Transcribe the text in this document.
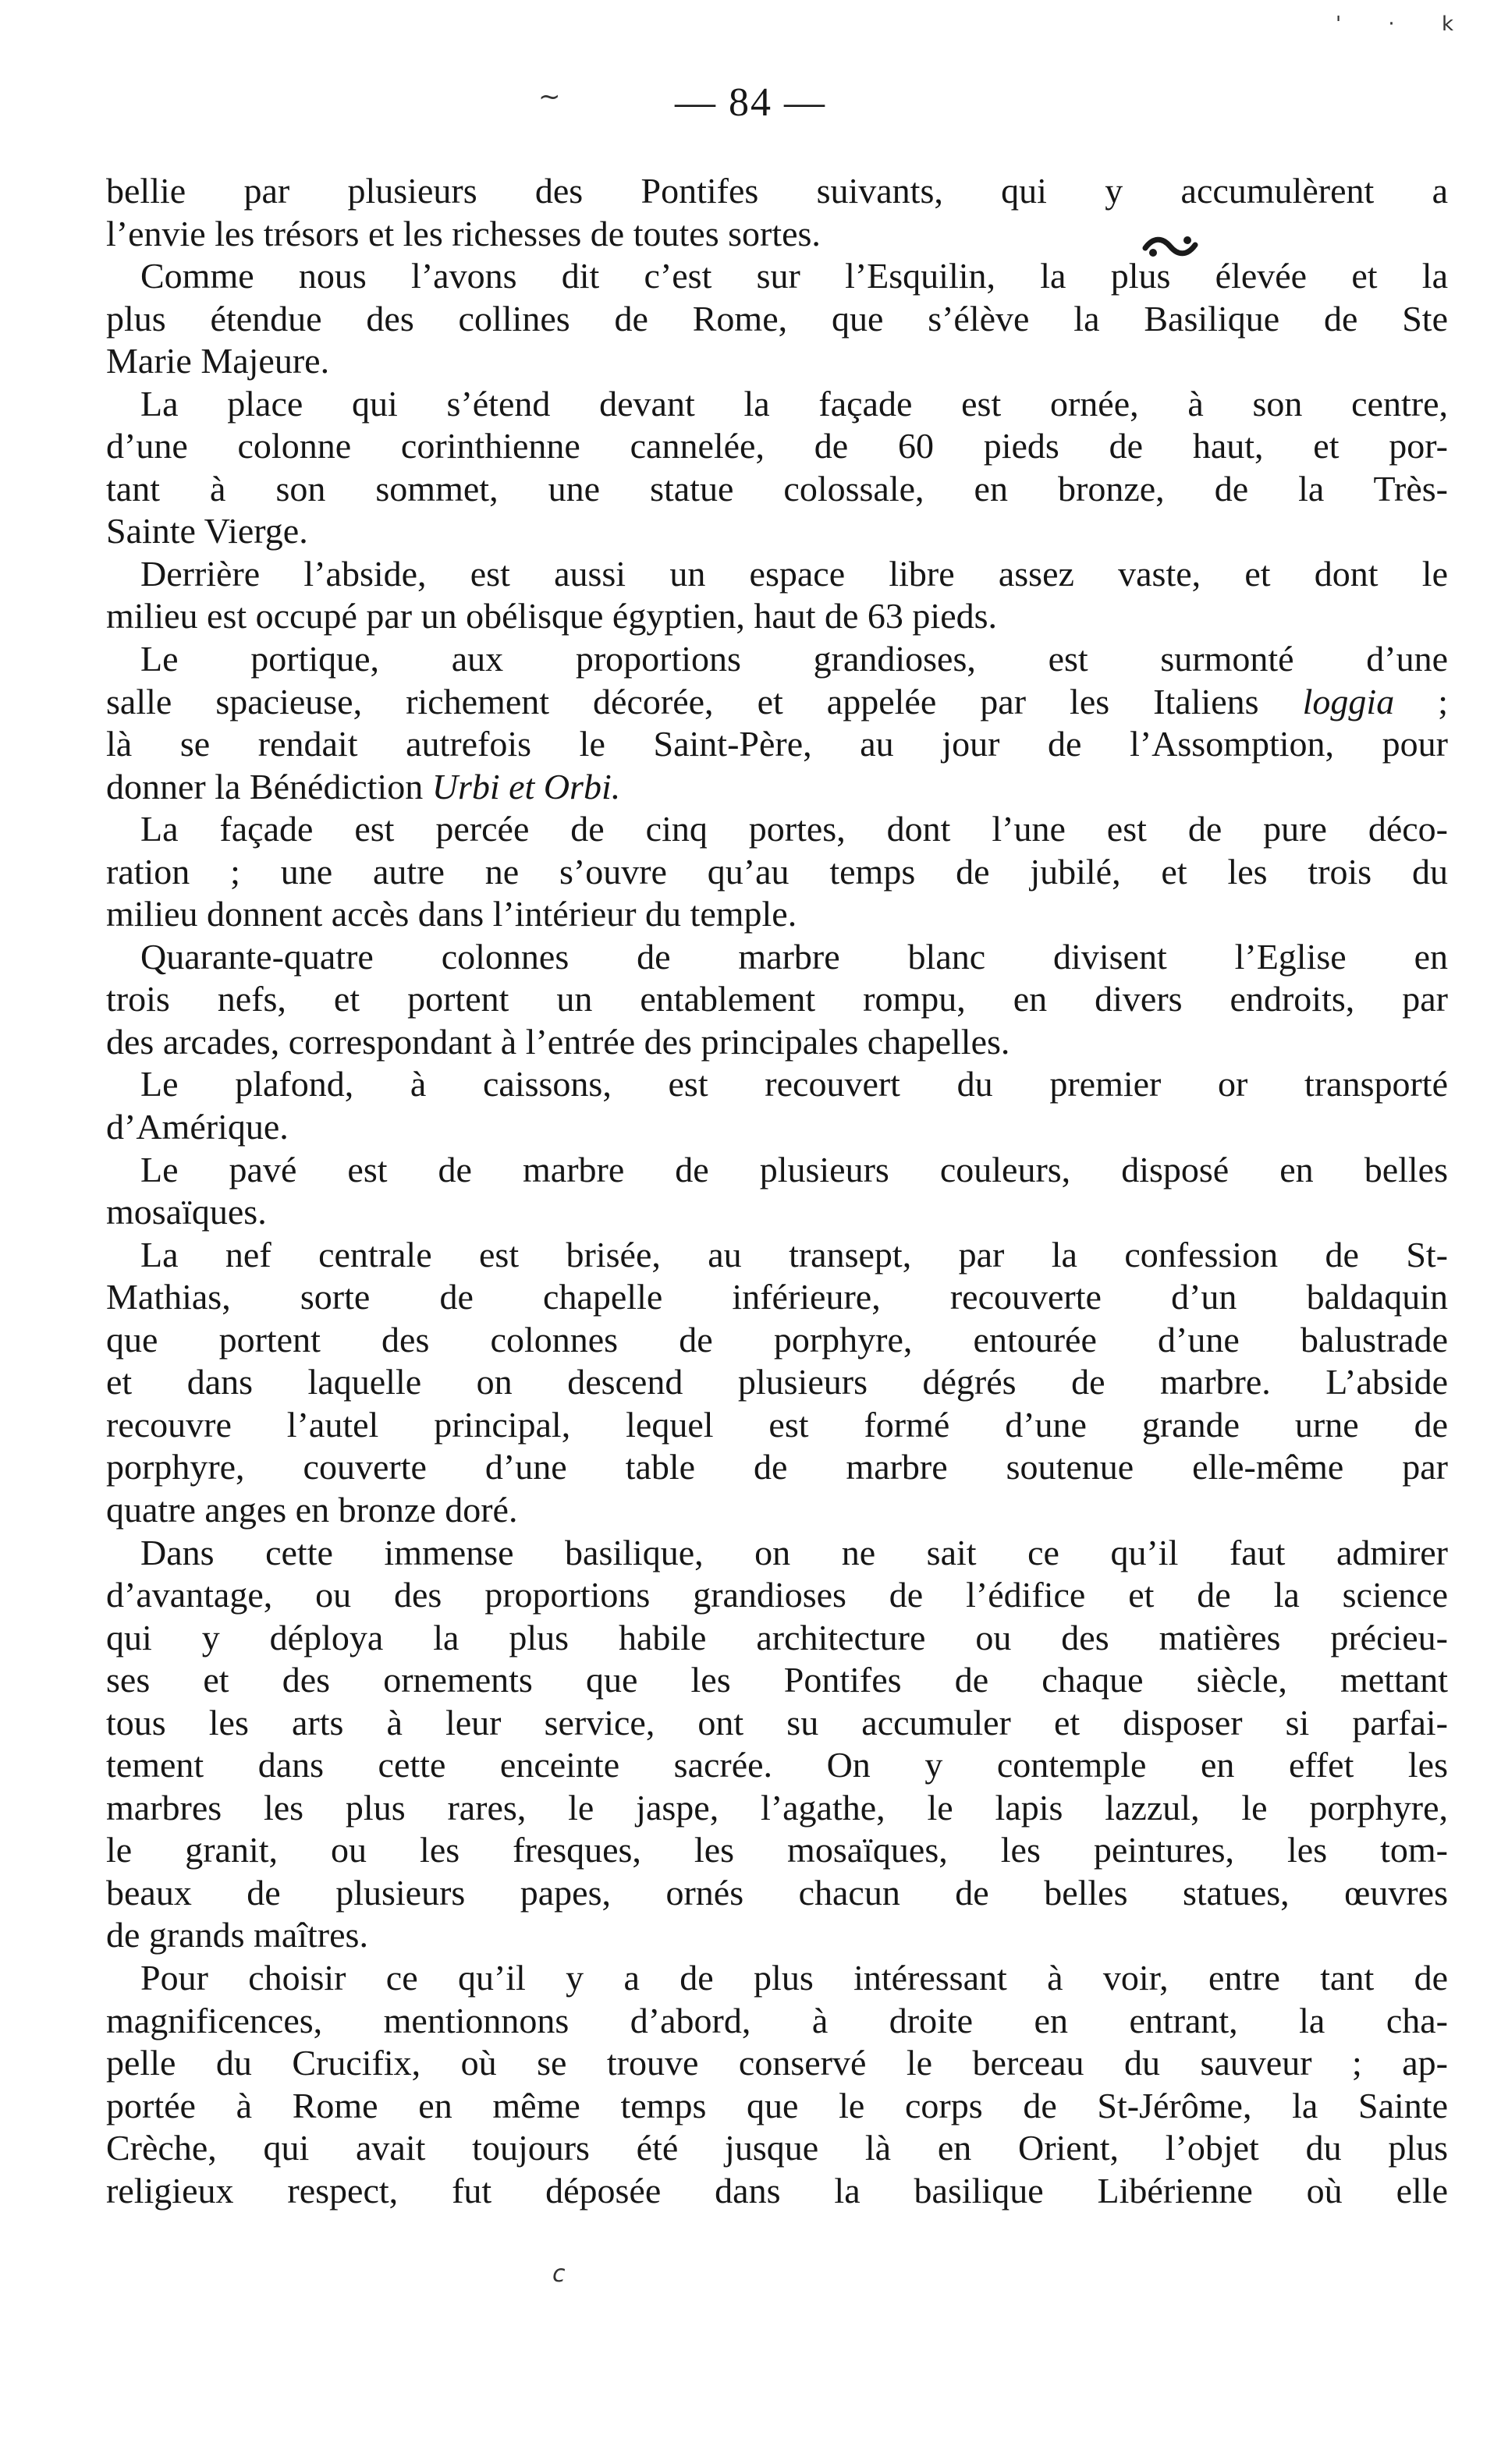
' · k
~	— 84 —
bellie par plusieurs des Pontifes suivants, qui y accumulèrent a
l’envie les trésors et les richesses de toutes sortes.
Comme nous l’avons dit c’est sur l’Esquilin, la plus élevée et la
plus étendue des collines de Rome, que s’élève la Basilique de Ste
Marie Majeure.
La place qui s’étend devant la façade est ornée, à son centre,
d’une colonne corinthienne cannelée, de 60 pieds de haut, et por-
tant à son sommet, une statue colossale, en bronze, de la Très-
Sainte Vierge.
Derrière l’abside, est aussi un espace libre assez vaste, et dont le
milieu est occupé par un obélisque égyptien, haut de 63 pieds.
Le portique, aux proportions grandioses, est surmonté d’une
salle spacieuse, richement décorée, et appelée par les Italiens loggia ;
là se rendait autrefois le Saint-Père, au jour de l’Assomption, pour
donner la Bénédiction Urbi et Orbi.
La façade est percée de cinq portes, dont l’une est de pure déco-
ration ; une autre ne s’ouvre qu’au temps de jubilé, et les trois du
milieu donnent accès dans l’intérieur du temple.
Quarante-quatre colonnes de marbre blanc divisent l’Eglise en
trois nefs, et portent un entablement rompu, en divers endroits, par
des arcades, correspondant à l’entrée des principales chapelles.
Le plafond, à caissons, est recouvert du premier or transporté
d’Amérique.
Le pavé est de marbre de plusieurs couleurs, disposé en belles
mosaïques.
La nef centrale est brisée, au transept, par la confession de St-
Mathias, sorte de chapelle inférieure, recouverte d’un baldaquin
que portent des colonnes de porphyre, entourée d’une balustrade
et dans laquelle on descend plusieurs dégrés de marbre. L’abside
recouvre l’autel principal, lequel est formé d’une grande urne de
porphyre, couverte d’une table de marbre soutenue elle-même par
quatre anges en bronze doré.
Dans cette immense basilique, on ne sait ce qu’il faut admirer
d’avantage, ou des proportions grandioses de l’édifice et de la science
qui y déploya la plus habile architecture ou des matières précieu-
ses et des ornements que les Pontifes de chaque siècle, mettant
tous les arts à leur service, ont su accumuler et disposer si parfai-
tement dans cette enceinte sacrée. On y contemple en effet les
marbres les plus rares, le jaspe, l’agathe, le lapis lazzul, le porphyre,
le granit, ou les fresques, les mosaïques, les peintures, les tom-
beaux de plusieurs papes, ornés chacun de belles statues, œuvres
de grands maîtres.
Pour choisir ce qu’il y a de plus intéressant à voir, entre tant de
magnificences, mentionnons d’abord, à droite en entrant, la cha-
pelle du Crucifix, où se trouve conservé le berceau du sauveur ; ap-
portée à Rome en même temps que le corps de St-Jérôme, la Sainte
Crèche, qui avait toujours été jusque là en Orient, l’objet du plus
religieux respect, fut déposée dans la basilique Libérienne où elle
c
